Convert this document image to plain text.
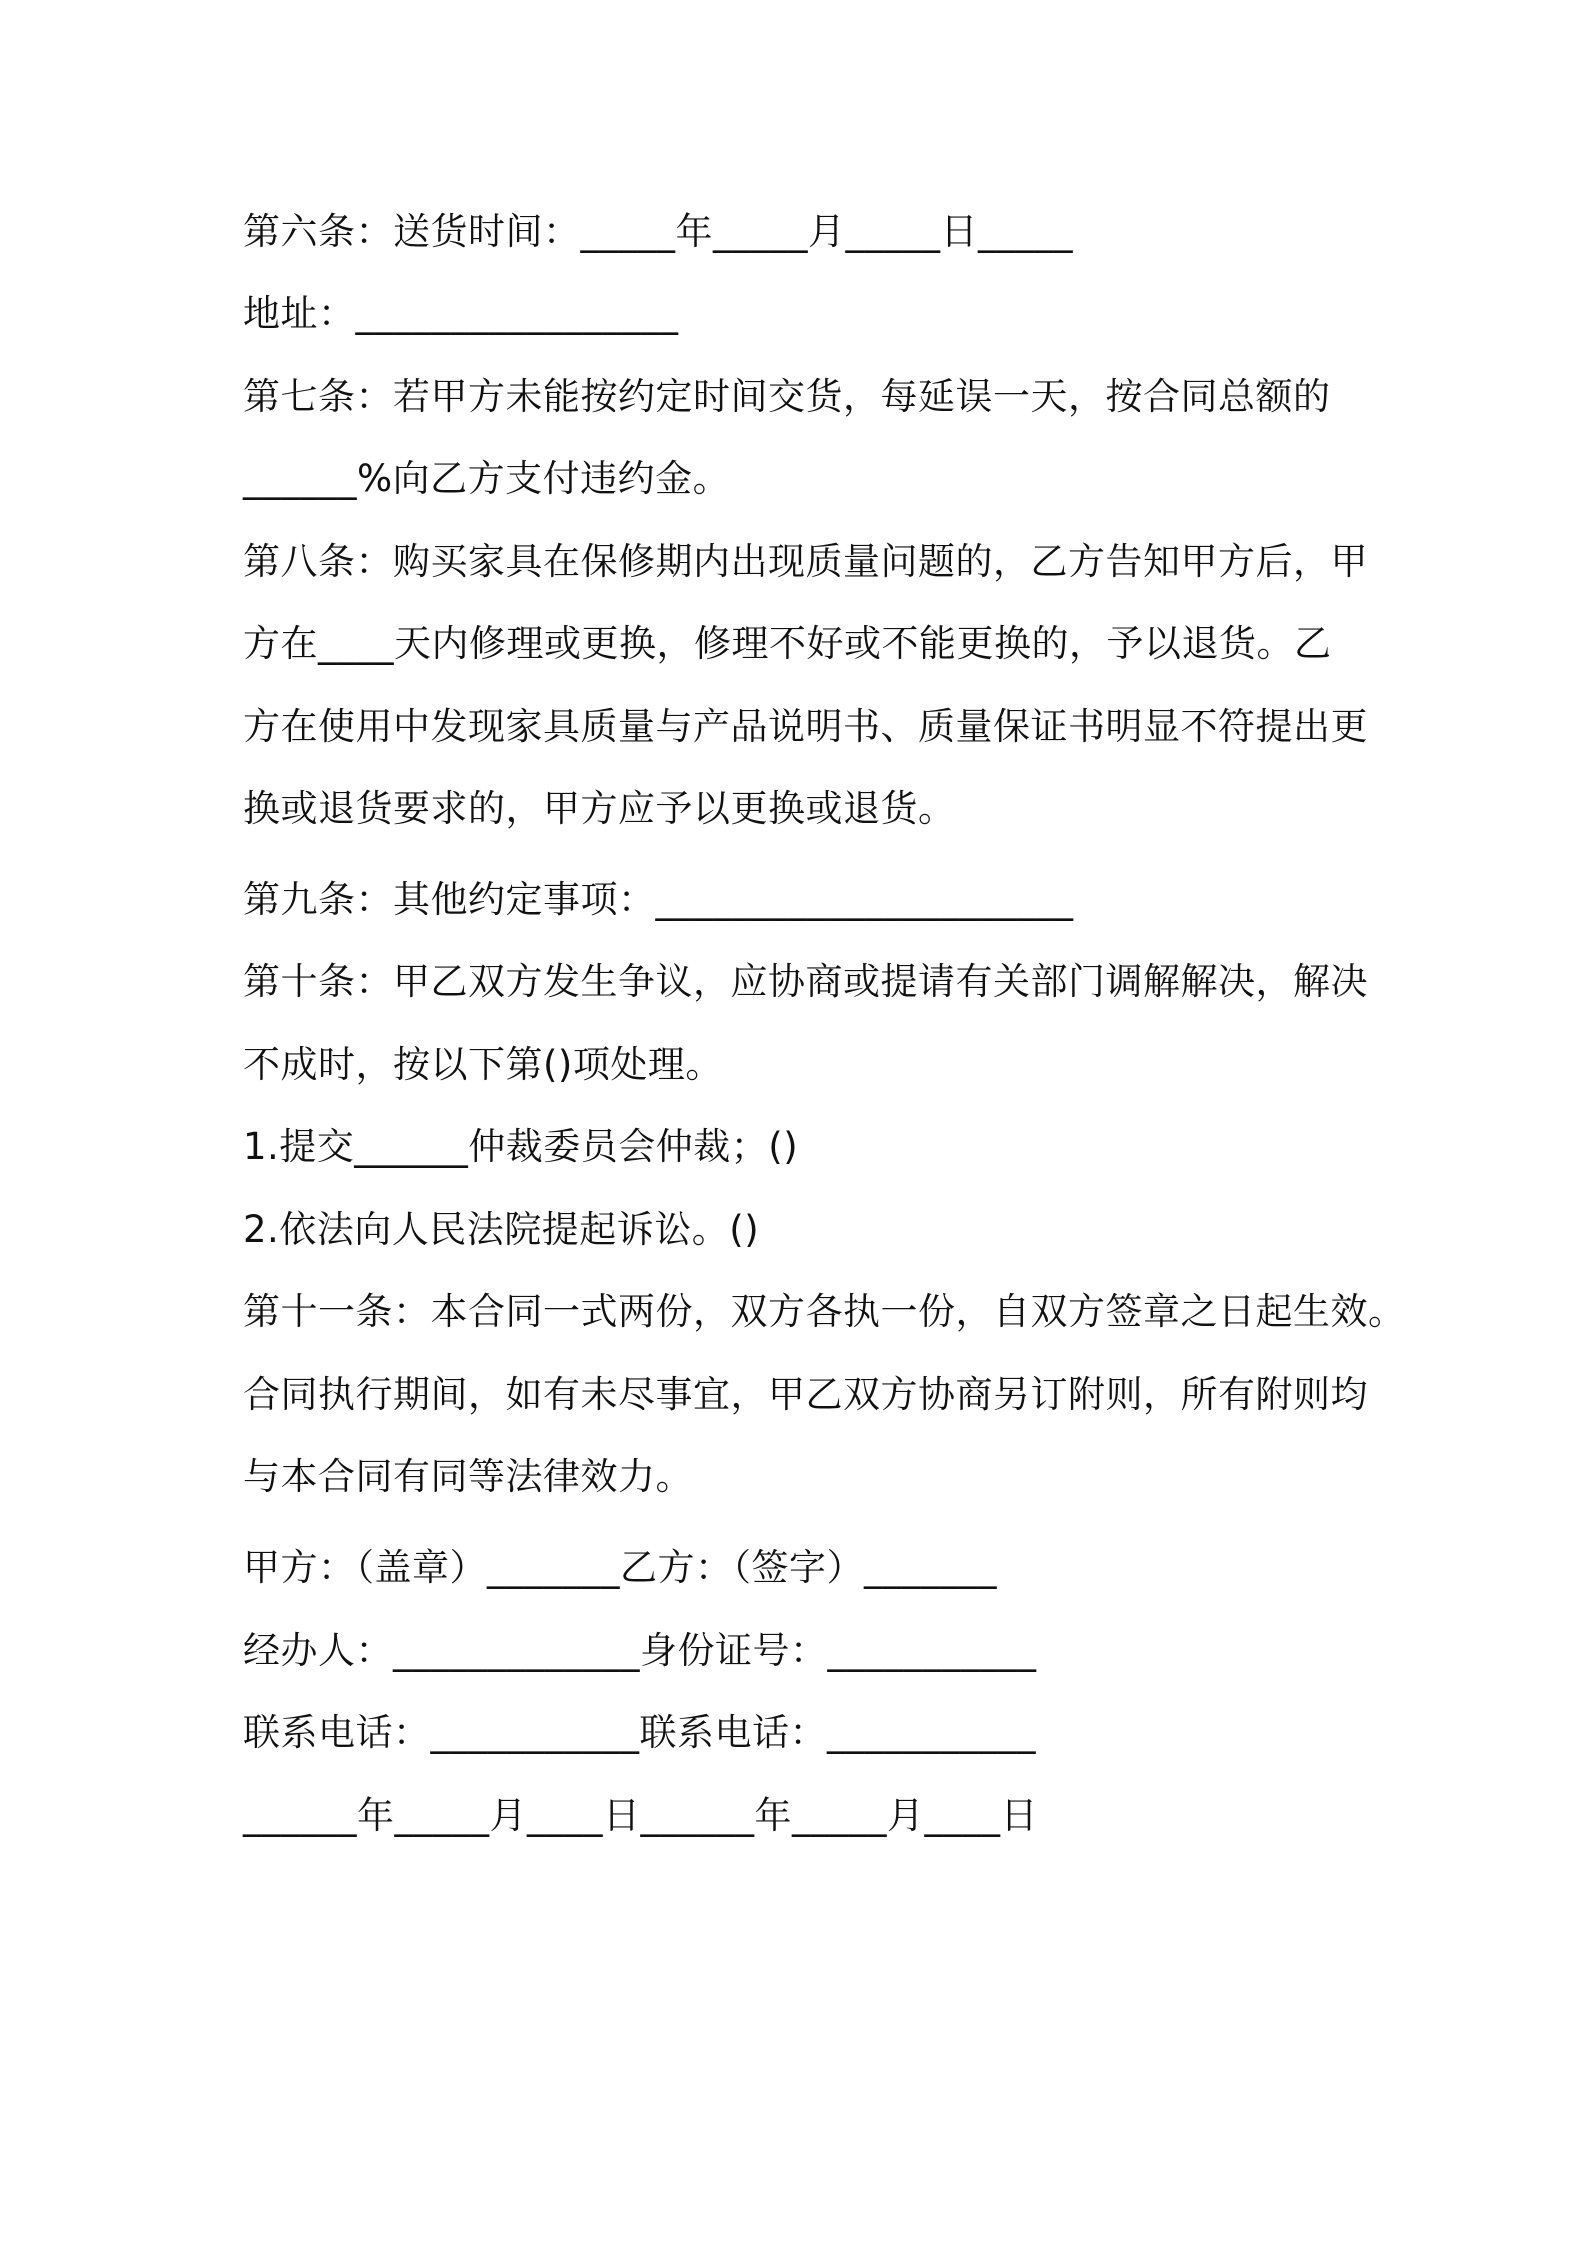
第六条：送货时间：_____年_____月_____日_____
地址：_________________
第七条：若甲方未能按约定时间交货，每延误一天，按合同总额的
______%向乙方支付违约金。
第八条：购买家具在保修期内出现质量问题的，乙方告知甲方后，甲
方在____天内修理或更换，修理不好或不能更换的，予以退货。乙
方在使用中发现家具质量与产品说明书、质量保证书明显不符提出更
换或退货要求的，甲方应予以更换或退货。
第九条：其他约定事项：______________________
第十条：甲乙双方发生争议，应协商或提请有关部门调解解决，解决
不成时，按以下第()项处理。
1.提交______仲裁委员会仲裁；()
2.依法向人民法院提起诉讼。()
第十一条：本合同一式两份，双方各执一份，自双方签章之日起生效。
合同执行期间，如有未尽事宜，甲乙双方协商另订附则，所有附则均
与本合同有同等法律效力。
甲方：（盖章）_______乙方：（签字）_______
经办人：_____________身份证号：___________
联系电话：___________联系电话：___________
______年_____月____日______年_____月____日
